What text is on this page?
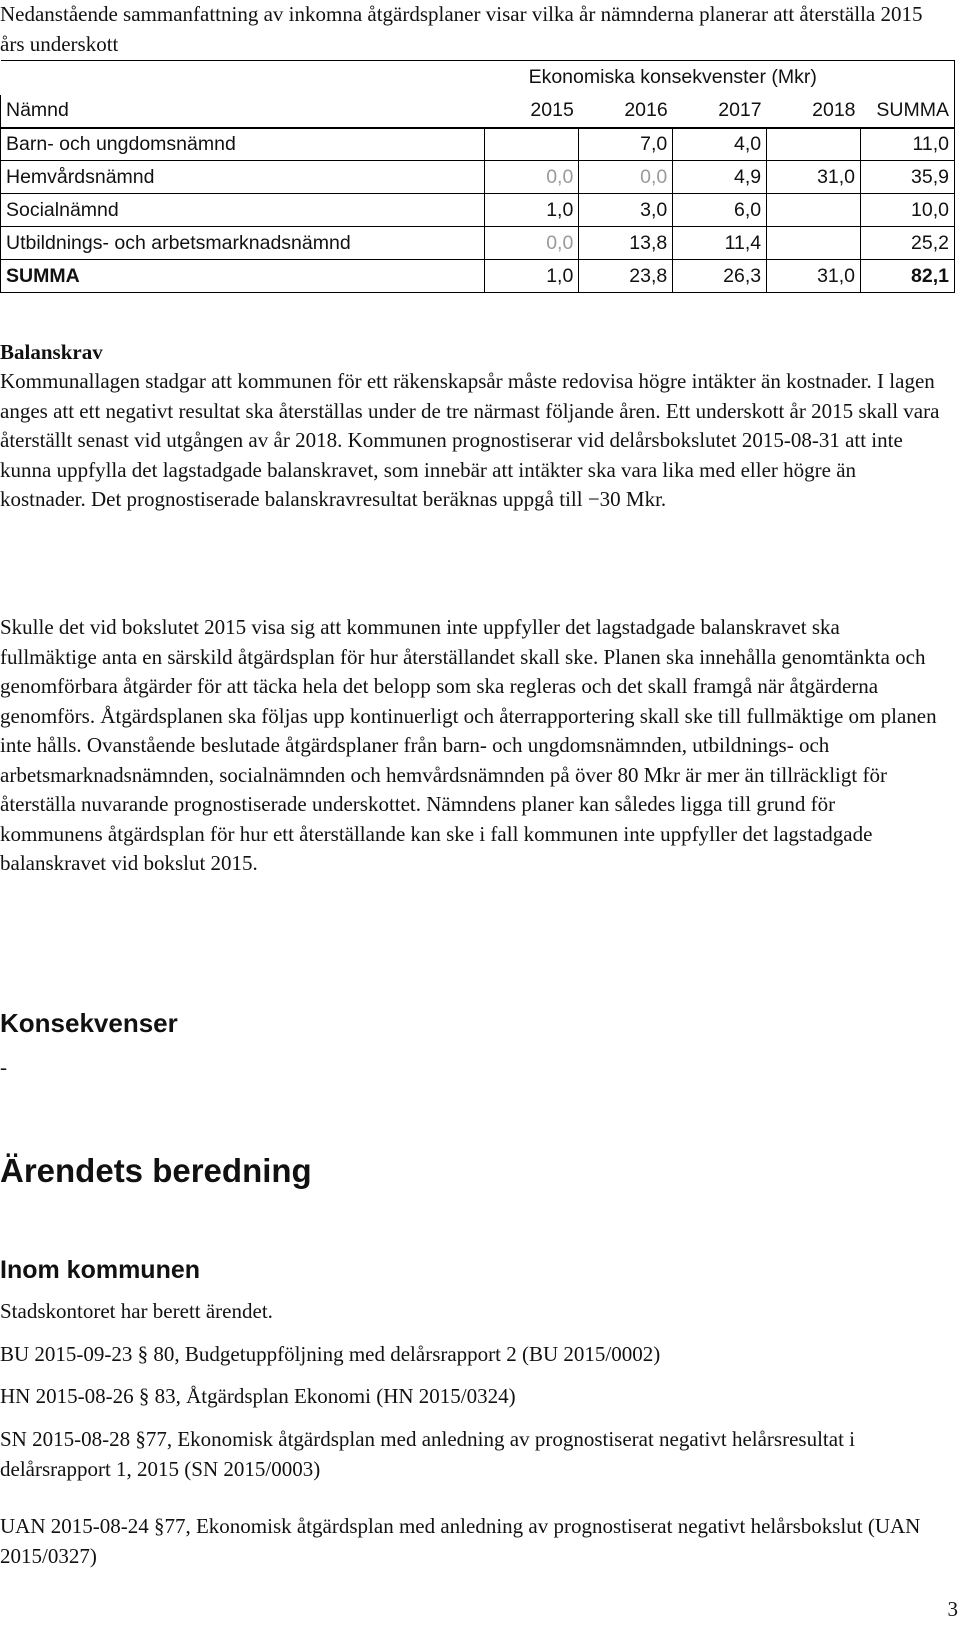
Nedanstående sammanfattning av inkomna åtgärdsplaner visar vilka år nämnderna planerar att återställa 2015 års underskott

	Ekonomiska konsekvenster (Mkr)				
Nämnd	2015	2016	2017	2018	SUMMA
Barn- och ungdomsnämnd		7,0	4,0		11,0
Hemvårdsnämnd	0,0	0,0	4,9	31,0	35,9
Socialnämnd	1,0	3,0	6,0		10,0
Utbildnings- och arbetsmarknadsnämnd	0,0	13,8	11,4		25,2
SUMMA	1,0	23,8	26,3	31,0	82,1

Balanskrav

Kommunallagen stadgar att kommunen för ett räkenskapsår måste redovisa högre intäkter än kostnader. I lagen anges att ett negativt resultat ska återställas under de tre närmast följande åren. Ett underskott år 2015 skall vara återställt senast vid utgången av år 2018. Kommunen prognostiserar vid delårsbokslutet 2015-08-31 att inte kunna uppfylla det lagstadgade balanskravet, som innebär att intäkter ska vara lika med eller högre än kostnader. Det prognostiserade balanskravresultat beräknas uppgå till −30 Mkr.

Skulle det vid bokslutet 2015 visa sig att kommunen inte uppfyller det lagstadgade balanskravet ska fullmäktige anta en särskild åtgärdsplan för hur återställandet skall ske. Planen ska innehålla genomtänkta och genomförbara åtgärder för att täcka hela det belopp som ska regleras och det skall framgå när åtgärderna genomförs. Åtgärdsplanen ska följas upp kontinuerligt och återrapportering skall ske till fullmäktige om planen inte hålls. Ovanstående beslutade åtgärdsplaner från barn- och ungdomsnämnden, utbildnings- och arbetsmarknadsnämnden, socialnämnden och hemvårdsnämnden på över 80 Mkr är mer än tillräckligt för återställa nuvarande prognostiserade underskottet. Nämndens planer kan således ligga till grund för kommunens åtgärdsplan för hur ett återställande kan ske i fall kommunen inte uppfyller det lagstadgade balanskravet vid bokslut 2015.

Konsekvenser

-

Ärendets beredning
Inom kommunen

Stadskontoret har berett ärendet.

BU 2015-09-23 § 80, Budgetuppföljning med delårsrapport 2 (BU 2015/0002)

HN 2015-08-26 § 83, Åtgärdsplan Ekonomi (HN 2015/0324)

SN 2015-08-28 §77, Ekonomisk åtgärdsplan med anledning av prognostiserat negativt helårsresultat i delårsrapport 1, 2015 (SN 2015/0003)

UAN 2015-08-24 §77, Ekonomisk åtgärdsplan med anledning av prognostiserat negativt helårsbokslut (UAN 2015/0327)

3
